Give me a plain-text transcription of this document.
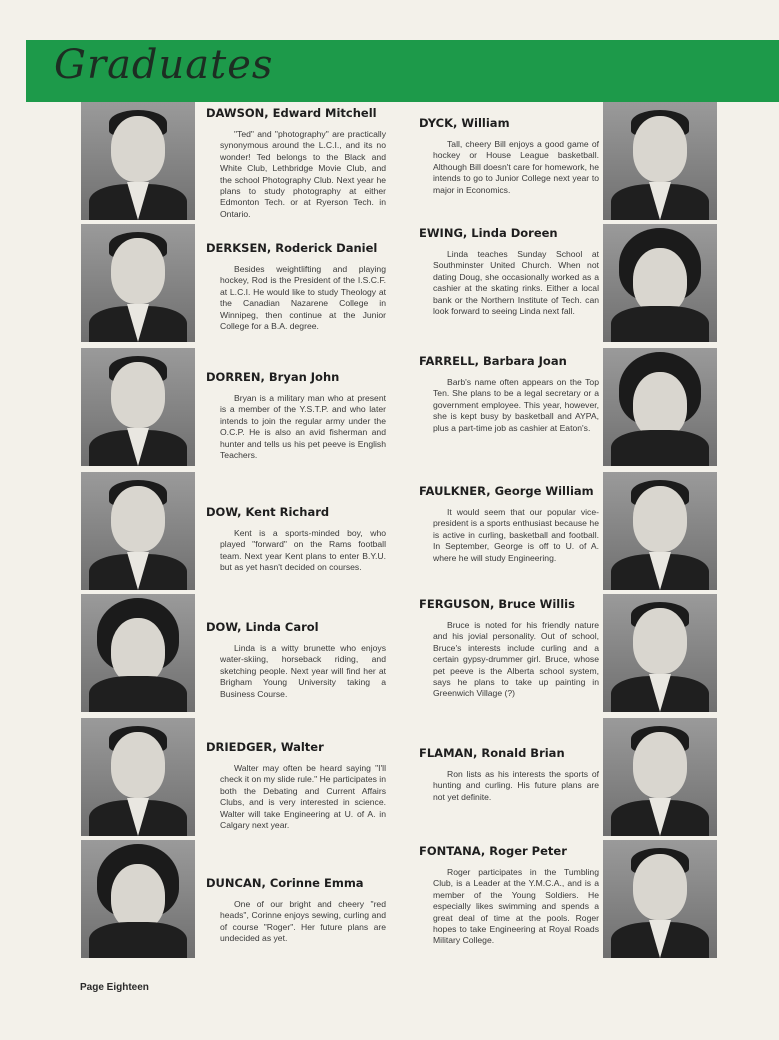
Graduates
DAWSON, Edward Mitchell

"Ted" and "photography" are practically synonymous around the L.C.I., and its no wonder! Ted belongs to the Black and White Club, Lethbridge Movie Club, and the school Photography Club. Next year he plans to study photography at either Edmonton Tech. or at Ryerson Tech. in Ontario.

DERKSEN, Roderick Daniel

Besides weightlifting and playing hockey, Rod is the President of the I.S.C.F. at L.C.I. He would like to study Theology at the Canadian Nazarene College in Winnipeg, then continue at the Junior College for a B.A. degree.

DORREN, Bryan John

Bryan is a military man who at present is a member of the Y.S.T.P. and who later intends to join the regular army under the O.C.P. He is also an avid fisherman and hunter and tells us his pet peeve is English Teachers.

DOW, Kent Richard

Kent is a sports-minded boy, who played "forward" on the Rams football team. Next year Kent plans to enter B.Y.U. but as yet hasn't decided on courses.

DOW, Linda Carol

Linda is a witty brunette who enjoys water-skiing, horseback riding, and sketching people. Next year will find her at Brigham Young University taking a Business Course.

DRIEDGER, Walter

Walter may often be heard saying "I'll check it on my slide rule." He participates in both the Debating and Current Affairs Clubs, and is very interested in science. Walter will take Engineering at U. of A. in Calgary next year.

DUNCAN, Corinne Emma

One of our bright and cheery "red heads", Corinne enjoys sewing, curling and of course "Roger". Her future plans are undecided as yet.

DYCK, William

Tall, cheery Bill enjoys a good game of hockey or House League basketball. Although Bill doesn't care for homework, he intends to go to Junior College next year to major in Economics.

EWING, Linda Doreen

Linda teaches Sunday School at Southminster United Church. When not dating Doug, she occasionally worked as a cashier at the skating rinks. Either a local bank or the Northern Institute of Tech. can look forward to seeing Linda next fall.

FARRELL, Barbara Joan

Barb's name often appears on the Top Ten. She plans to be a legal secretary or a government employee. This year, however, she is kept busy by basketball and AYPA, plus a part-time job as cashier at Eaton's.

FAULKNER, George William

It would seem that our popular vice-president is a sports enthusiast because he is active in curling, basketball and football. In September, George is off to U. of A. where he will study Engineering.

FERGUSON, Bruce Willis

Bruce is noted for his friendly nature and his jovial personality. Out of school, Bruce's interests include curling and a certain gypsy-drummer girl. Bruce, whose pet peeve is the Alberta school system, says he plans to take up painting in Greenwich Village (?)

FLAMAN, Ronald Brian

Ron lists as his interests the sports of hunting and curling. His future plans are not yet definite.

FONTANA, Roger Peter

Roger participates in the Tumbling Club, is a Leader at the Y.M.C.A., and is a member of the Young Soldiers. He especially likes swimming and spends a great deal of time at the pools. Roger hopes to take Engineering at Royal Roads Military College.

Page Eighteen
